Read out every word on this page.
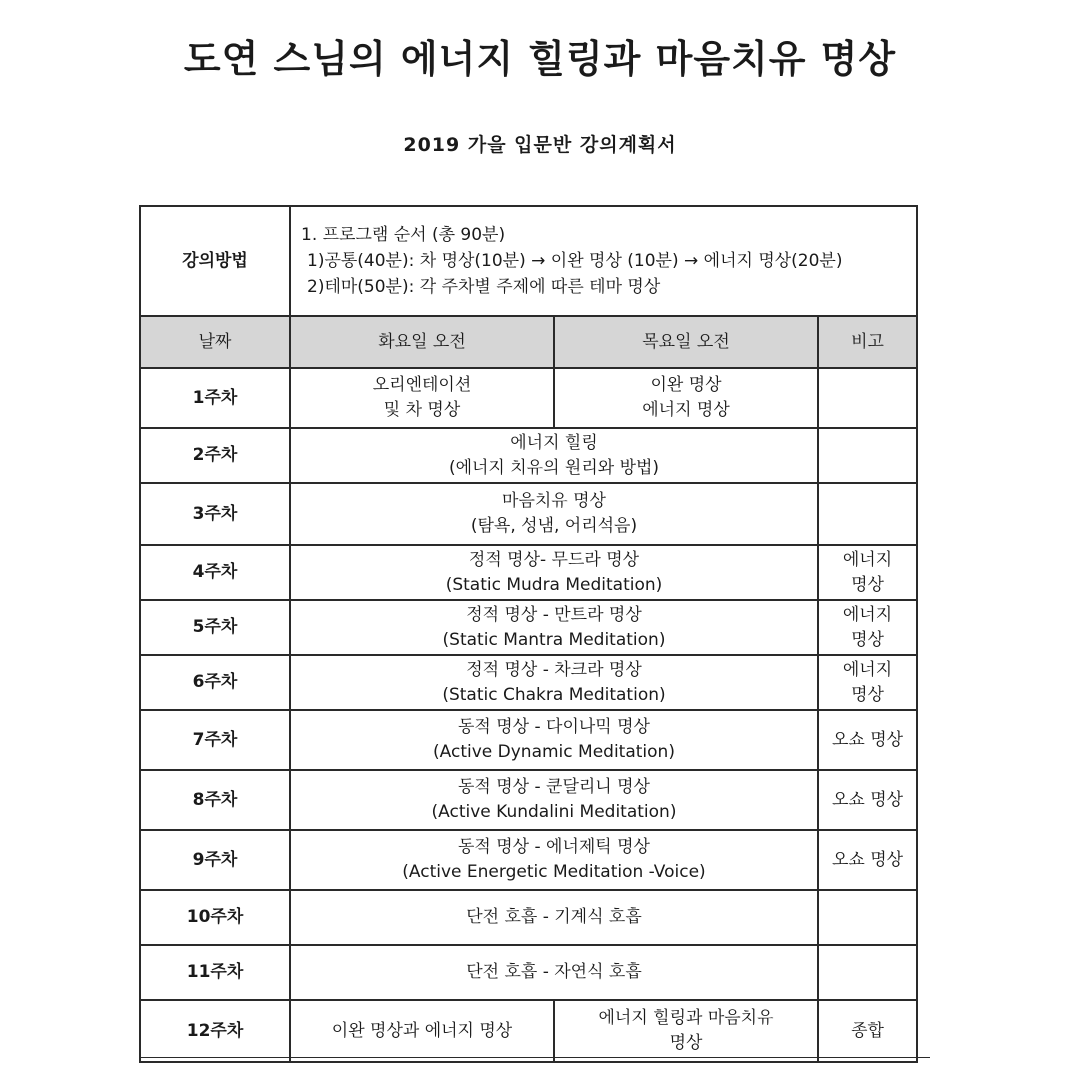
도연 스님의 에너지 힐링과 마음치유 명상
2019 가을 입문반 강의계획서
강의방법	1. 프로그램 순서 (총 90분)
1)공통(40분): 차 명상(10분) → 이완 명상 (10분) → 에너지 명상(20분)
2)테마(50분): 각 주차별 주제에 따른 테마 명상		

날짜	화요일 오전	목요일 오전	비고
1주차	오리엔테이션
및 차 명상	이완 명상
에너지 명상	

2주차	에너지 힐링
(에너지 치유의 원리와 방법)		

3주차	마음치유 명상
(탐욕, 성냄, 어리석음)		

4주차	정적 명상- 무드라 명상
(Static Mudra Meditation)		에너지
명상

5주차	정적 명상 - 만트라 명상
(Static Mantra Meditation)		에너지
명상

6주차	정적 명상 - 차크라 명상
(Static Chakra Meditation)		에너지
명상

7주차	동적 명상 - 다이나믹 명상
(Active Dynamic Meditation)		오쇼 명상

8주차	동적 명상 - 쿤달리니 명상
(Active Kundalini Meditation)		오쇼 명상

9주차	동적 명상 - 에너제틱 명상
(Active Energetic Meditation -Voice)		오쇼 명상

10주차	단전 호흡 - 기계식 호흡		

11주차	단전 호흡 - 자연식 호흡		

12주차	이완 명상과 에너지 명상	에너지 힐링과 마음치유
명상	종합
